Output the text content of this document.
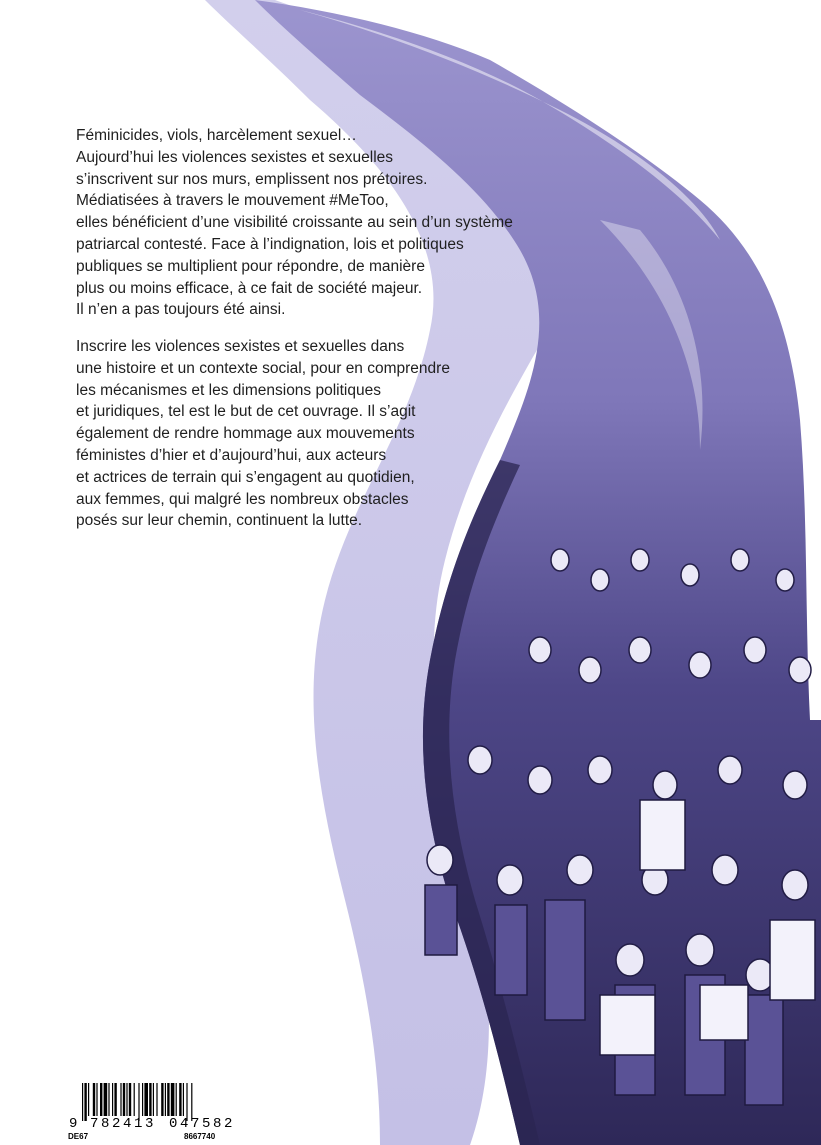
Féminicides, viols, harcèlement sexuel…
Aujourd’hui les violences sexistes et sexuelles
s’inscrivent sur nos murs, emplissent nos prétoires.
Médiatisées à travers le mouvement #MeToo,
elles bénéficient d’une visibilité croissante au sein d’un système
patriarcal contesté. Face à l’indignation, lois et politiques
publiques se multiplient pour répondre, de manière
plus ou moins efficace, à ce fait de société majeur.
Il n’en a pas toujours été ainsi.
Inscrire les violences sexistes et sexuelles dans
une histoire et un contexte social, pour en comprendre
les mécanismes et les dimensions politiques
et juridiques, tel est le but de cet ouvrage. Il s’agit
également de rendre hommage aux mouvements
féministes d’hier et d’aujourd’hui, aux acteurs
et actrices de terrain qui s’engagent au quotidien,
aux femmes, qui malgré les nombreux obstacles
posés sur leur chemin, continuent la lutte.
9 782413 047582
DE67	8667740
